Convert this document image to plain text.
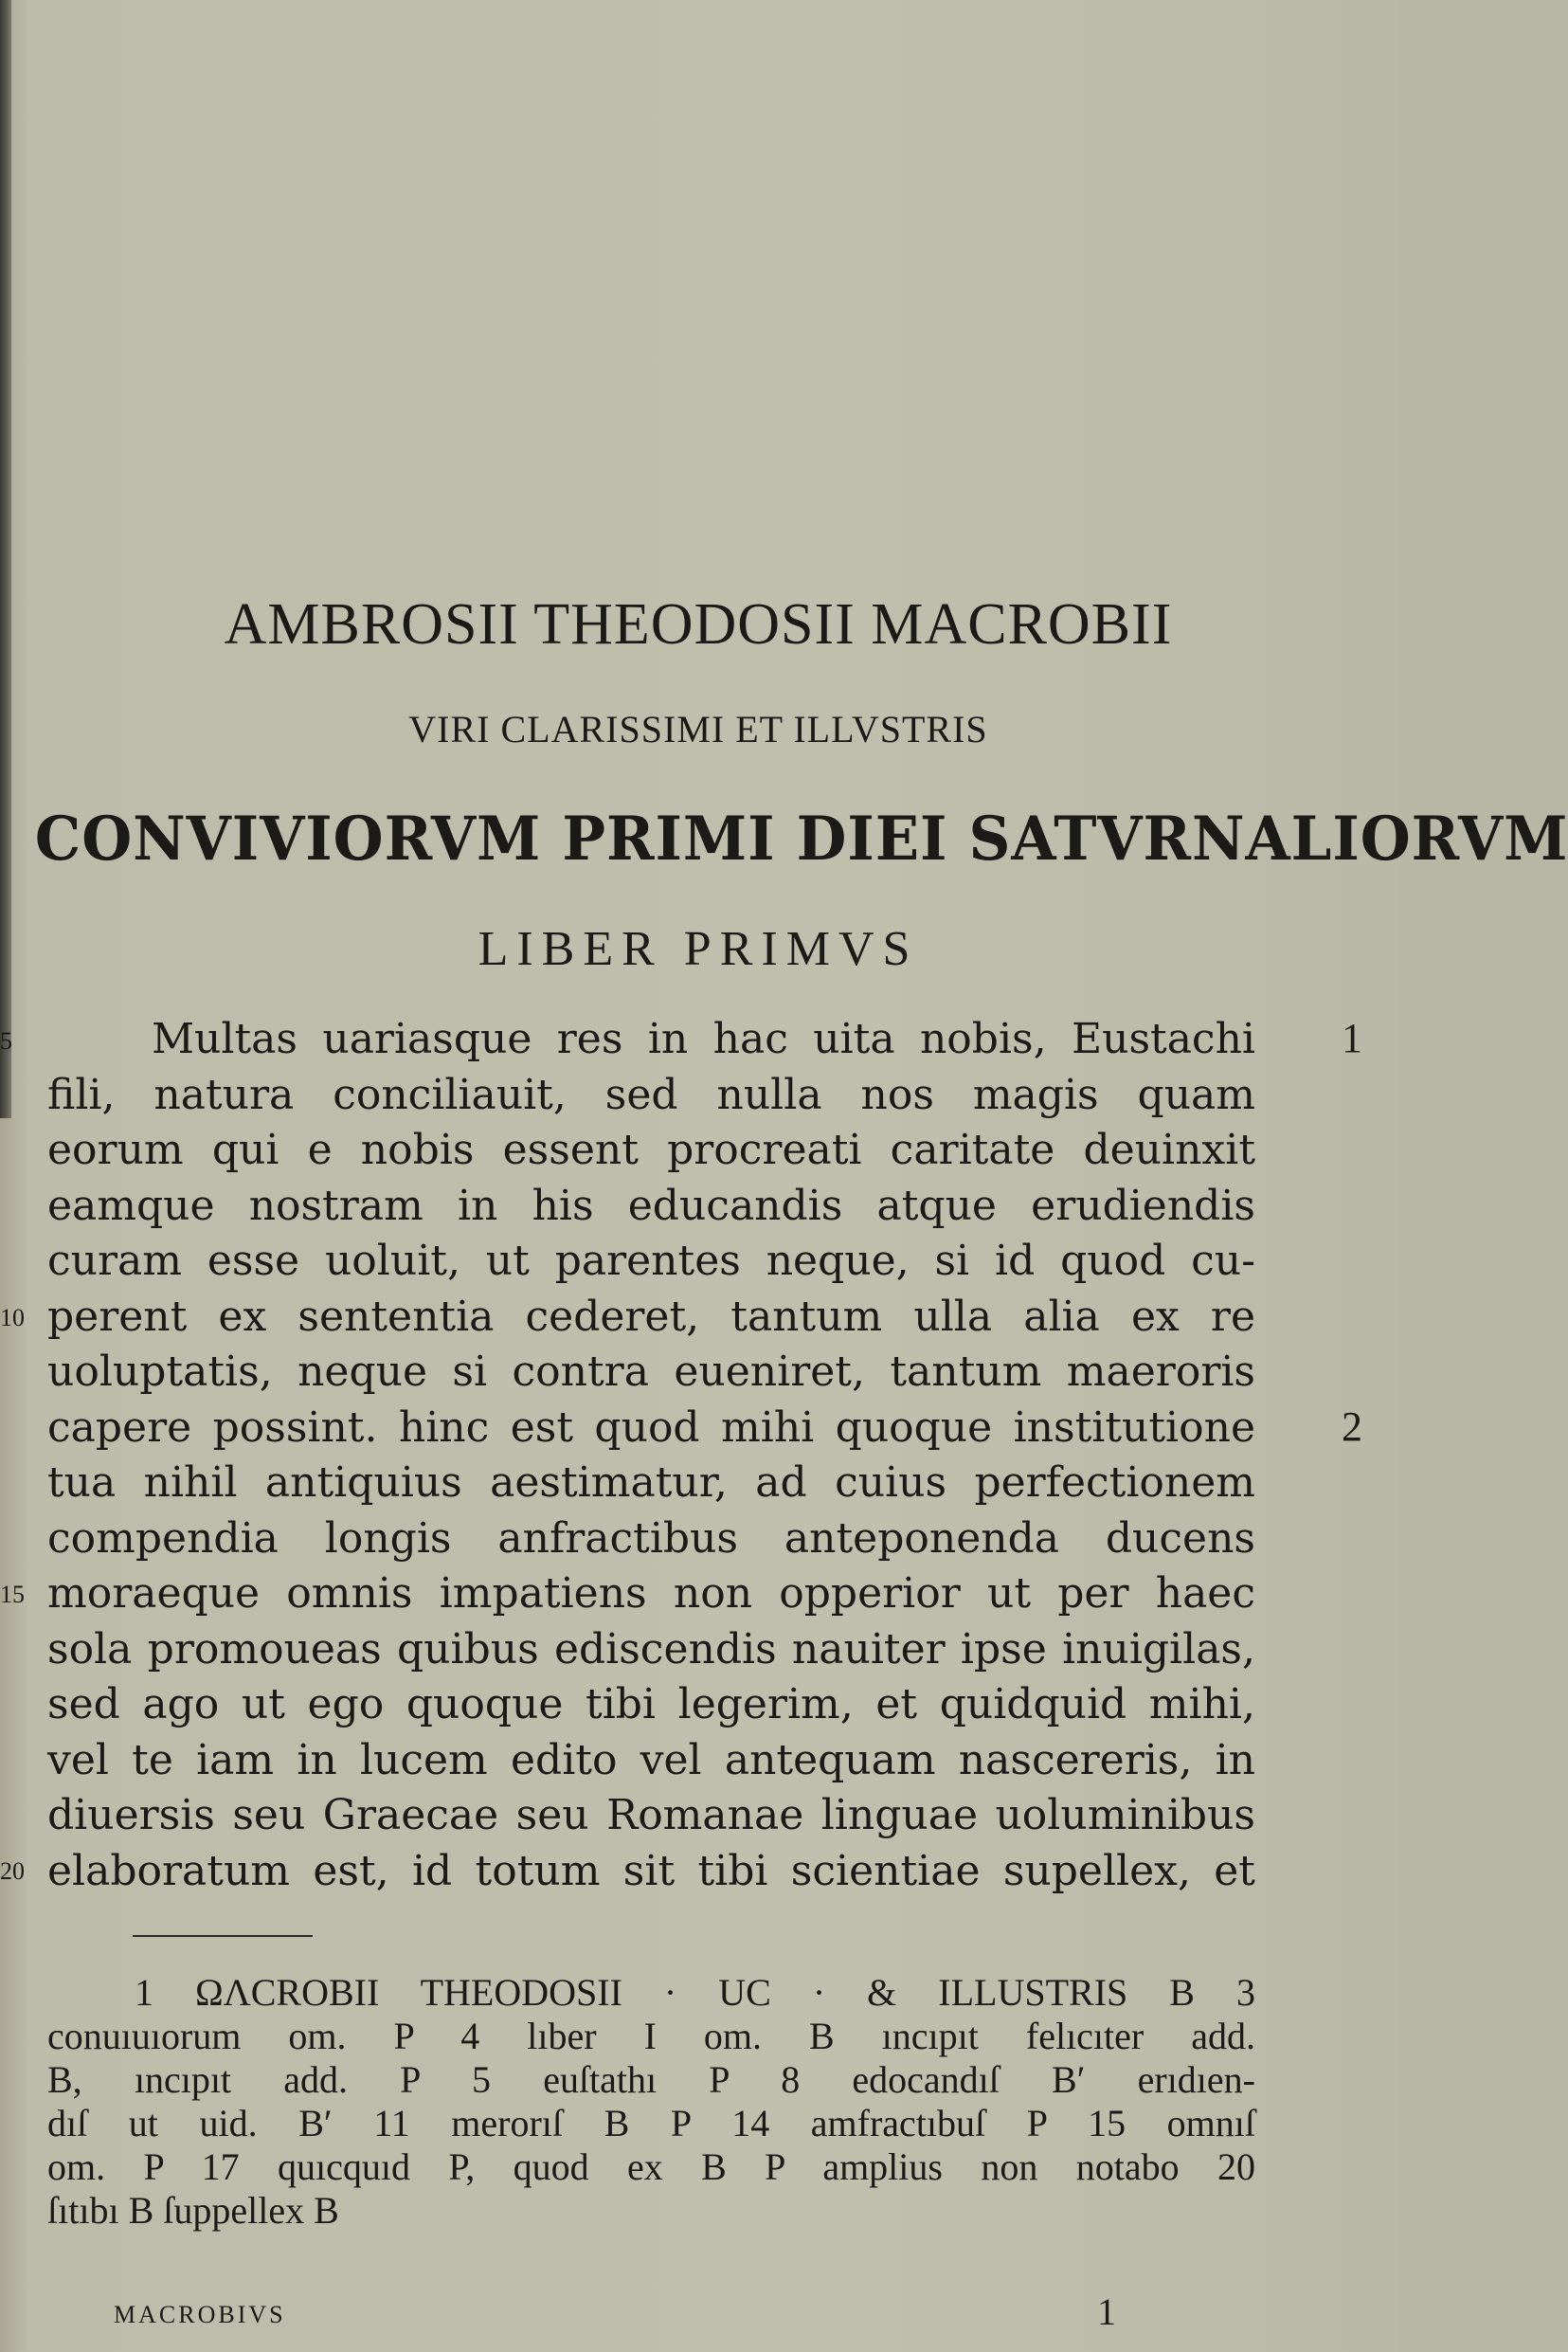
AMBROSII THEODOSII MACROBII
VIRI CLARISSIMI ET ILLVSTRIS
CONVIVIORVM PRIMI DIEI SATVRNALIORVM
LIBER PRIMVS
5
10
15
20
1
2
Multas uariasque res in hac uita nobis, Eustachi
fili, natura conciliauit, sed nulla nos magis quam
eorum qui e nobis essent procreati caritate deuinxit
eamque nostram in his educandis atque erudiendis
curam esse uoluit, ut parentes neque, si id quod cu-
perent ex sententia cederet, tantum ulla alia ex re
uoluptatis, neque si contra eueniret, tantum maeroris
capere possint. hinc est quod mihi quoque institutione
tua nihil antiquius aestimatur, ad cuius perfectionem
compendia longis anfractibus anteponenda ducens
moraeque omnis impatiens non opperior ut per haec
sola promoueas quibus ediscendis nauiter ipse inuigilas,
sed ago ut ego quoque tibi legerim, et quidquid mihi,
vel te iam in lucem edito vel antequam nascereris, in
diuersis seu Graecae seu Romanae linguae uoluminibus
elaboratum est, id totum sit tibi scientiae supellex, et
1 ΩΛCROBII THEODOSII · UC · & ILLUSTRIS B 3
conuıuıorum om. P 4 lıber I om. B ıncıpıt felıcıter add.
B, ıncıpıt add. P 5 euſtathı P 8 edocandıſ B′ erıdıen-
dıſ ut uid. B′ 11 merorıſ B P 14 amfractıbuſ P 15 omnıſ
om. P 17 quıcquıd P, quod ex B P amplius non notabo 20
ſıtıbı B ſuppellex B
MACROBIVS	1
